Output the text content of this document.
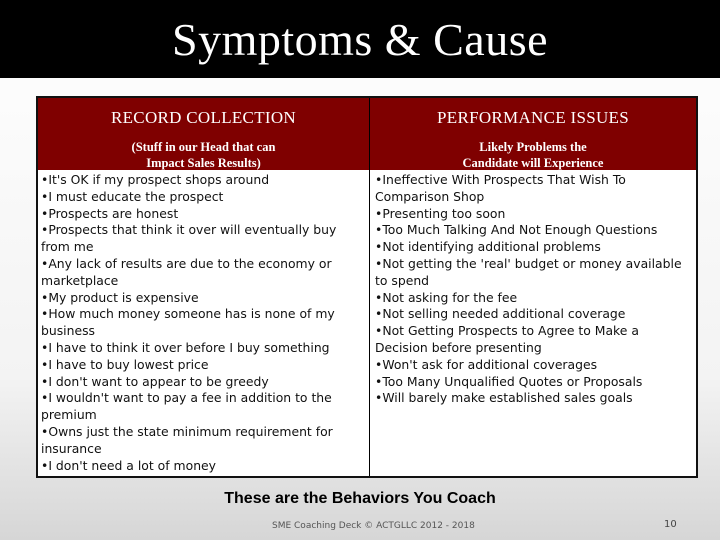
Symptoms & Cause
RECORD COLLECTION
(Stuff in our Head that can
Impact Sales Results)
PERFORMANCE ISSUES
Likely Problems the
Candidate will Experience
• It's OK if my prospect shops around
• I must educate the prospect
• Prospects are honest
• Prospects that think it over will eventually buy from me
• Any lack of results are due to the economy or marketplace
• My product is expensive
• How much money someone has is none of my business
• I have to think it over before I buy something
• I have to buy lowest price
• I don't want to appear to be greedy
• I wouldn't want to pay a fee in addition to the premium
• Owns just the state minimum requirement for insurance
• I don't need a lot of money
• Ineffective With Prospects That Wish To Comparison Shop
• Presenting too soon
• Too Much Talking And Not Enough Questions
• Not identifying additional problems
• Not getting the 'real' budget or money available to spend
• Not asking for the fee
• Not selling needed additional coverage
• Not Getting Prospects to Agree to Make a Decision before presenting
• Won't ask for additional coverages
• Too Many Unqualified Quotes or Proposals
• Will barely make established sales goals
These are the Behaviors You Coach
SME Coaching Deck © ACTGLLC 2012 - 2018	10
